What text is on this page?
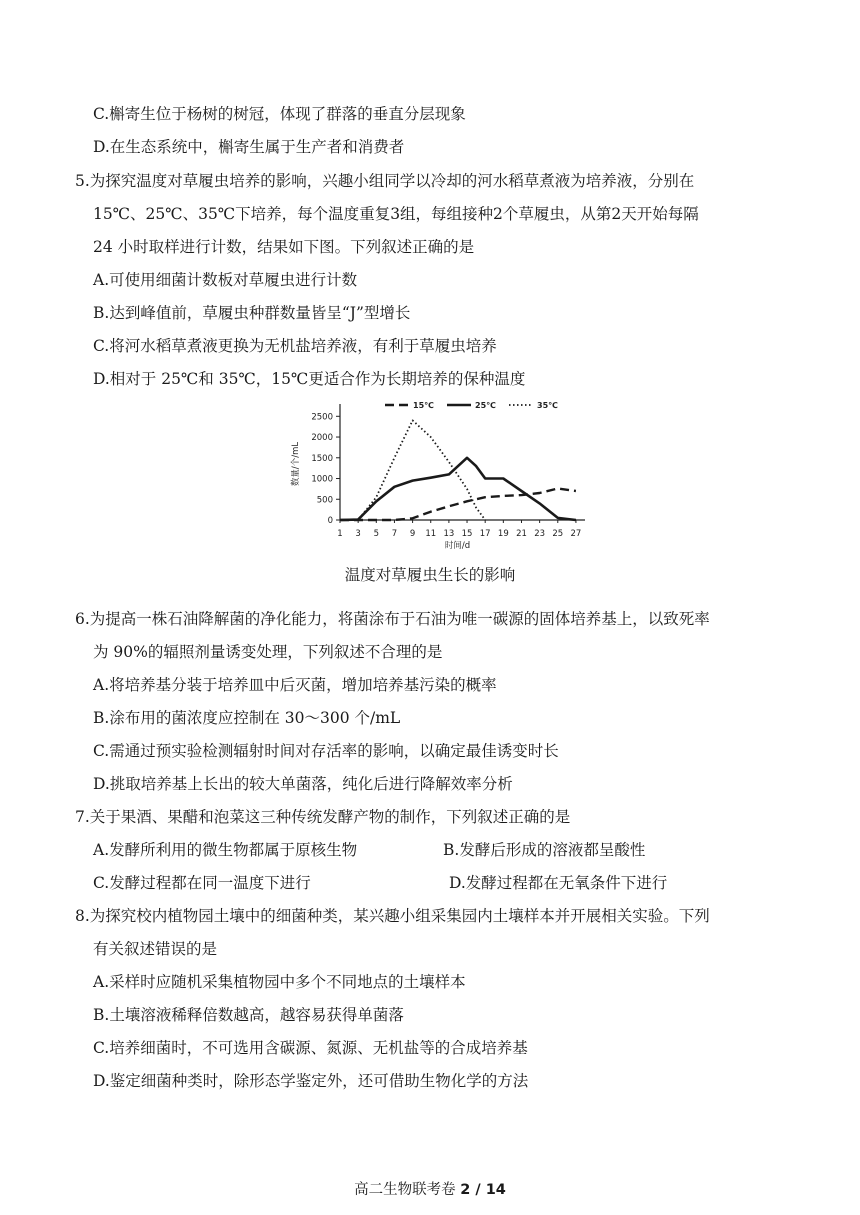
C.槲寄生位于杨树的树冠，体现了群落的垂直分层现象
D.在生态系统中，槲寄生属于生产者和消费者
5.为探究温度对草履虫培养的影响，兴趣小组同学以冷却的河水稻草煮液为培养液，分别在
15℃、25℃、35℃下培养，每个温度重复3组，每组接种2个草履虫，从第2天开始每隔
24 小时取样进行计数，结果如下图。下列叙述正确的是
A.可使用细菌计数板对草履虫进行计数
B.达到峰值前，草履虫种群数量皆呈“J”型增长
C.将河水稻草煮液更换为无机盐培养液，有利于草履虫培养
D.相对于 25℃和 35℃，15℃更适合作为长期培养的保种温度
0
500
1000
1500
2000
2500
1 3 5 7 9 11 13 15 17 19 21 23 25 27
时间/d
数量/个/mL
15℃	25℃	35℃
温度对草履虫生长的影响
6.为提高一株石油降解菌的净化能力，将菌涂布于石油为唯一碳源的固体培养基上，以致死率
为 90%的辐照剂量诱变处理，下列叙述不合理的是
A.将培养基分装于培养皿中后灭菌，增加培养基污染的概率
B.涂布用的菌浓度应控制在 30～300 个/mL
C.需通过预实验检测辐射时间对存活率的影响，以确定最佳诱变时长
D.挑取培养基上长出的较大单菌落，纯化后进行降解效率分析
7.关于果酒、果醋和泡菜这三种传统发酵产物的制作，下列叙述正确的是
A.发酵所利用的微生物都属于原核生物	B.发酵后形成的溶液都呈酸性
C.发酵过程都在同一温度下进行	D.发酵过程都在无氧条件下进行
8.为探究校内植物园土壤中的细菌种类，某兴趣小组采集园内土壤样本并开展相关实验。下列
有关叙述错误的是
A.采样时应随机采集植物园中多个不同地点的土壤样本
B.土壤溶液稀释倍数越高，越容易获得单菌落
C.培养细菌时，不可选用含碳源、氮源、无机盐等的合成培养基
D.鉴定细菌种类时，除形态学鉴定外，还可借助生物化学的方法
高二生物联考卷 2 / 14
